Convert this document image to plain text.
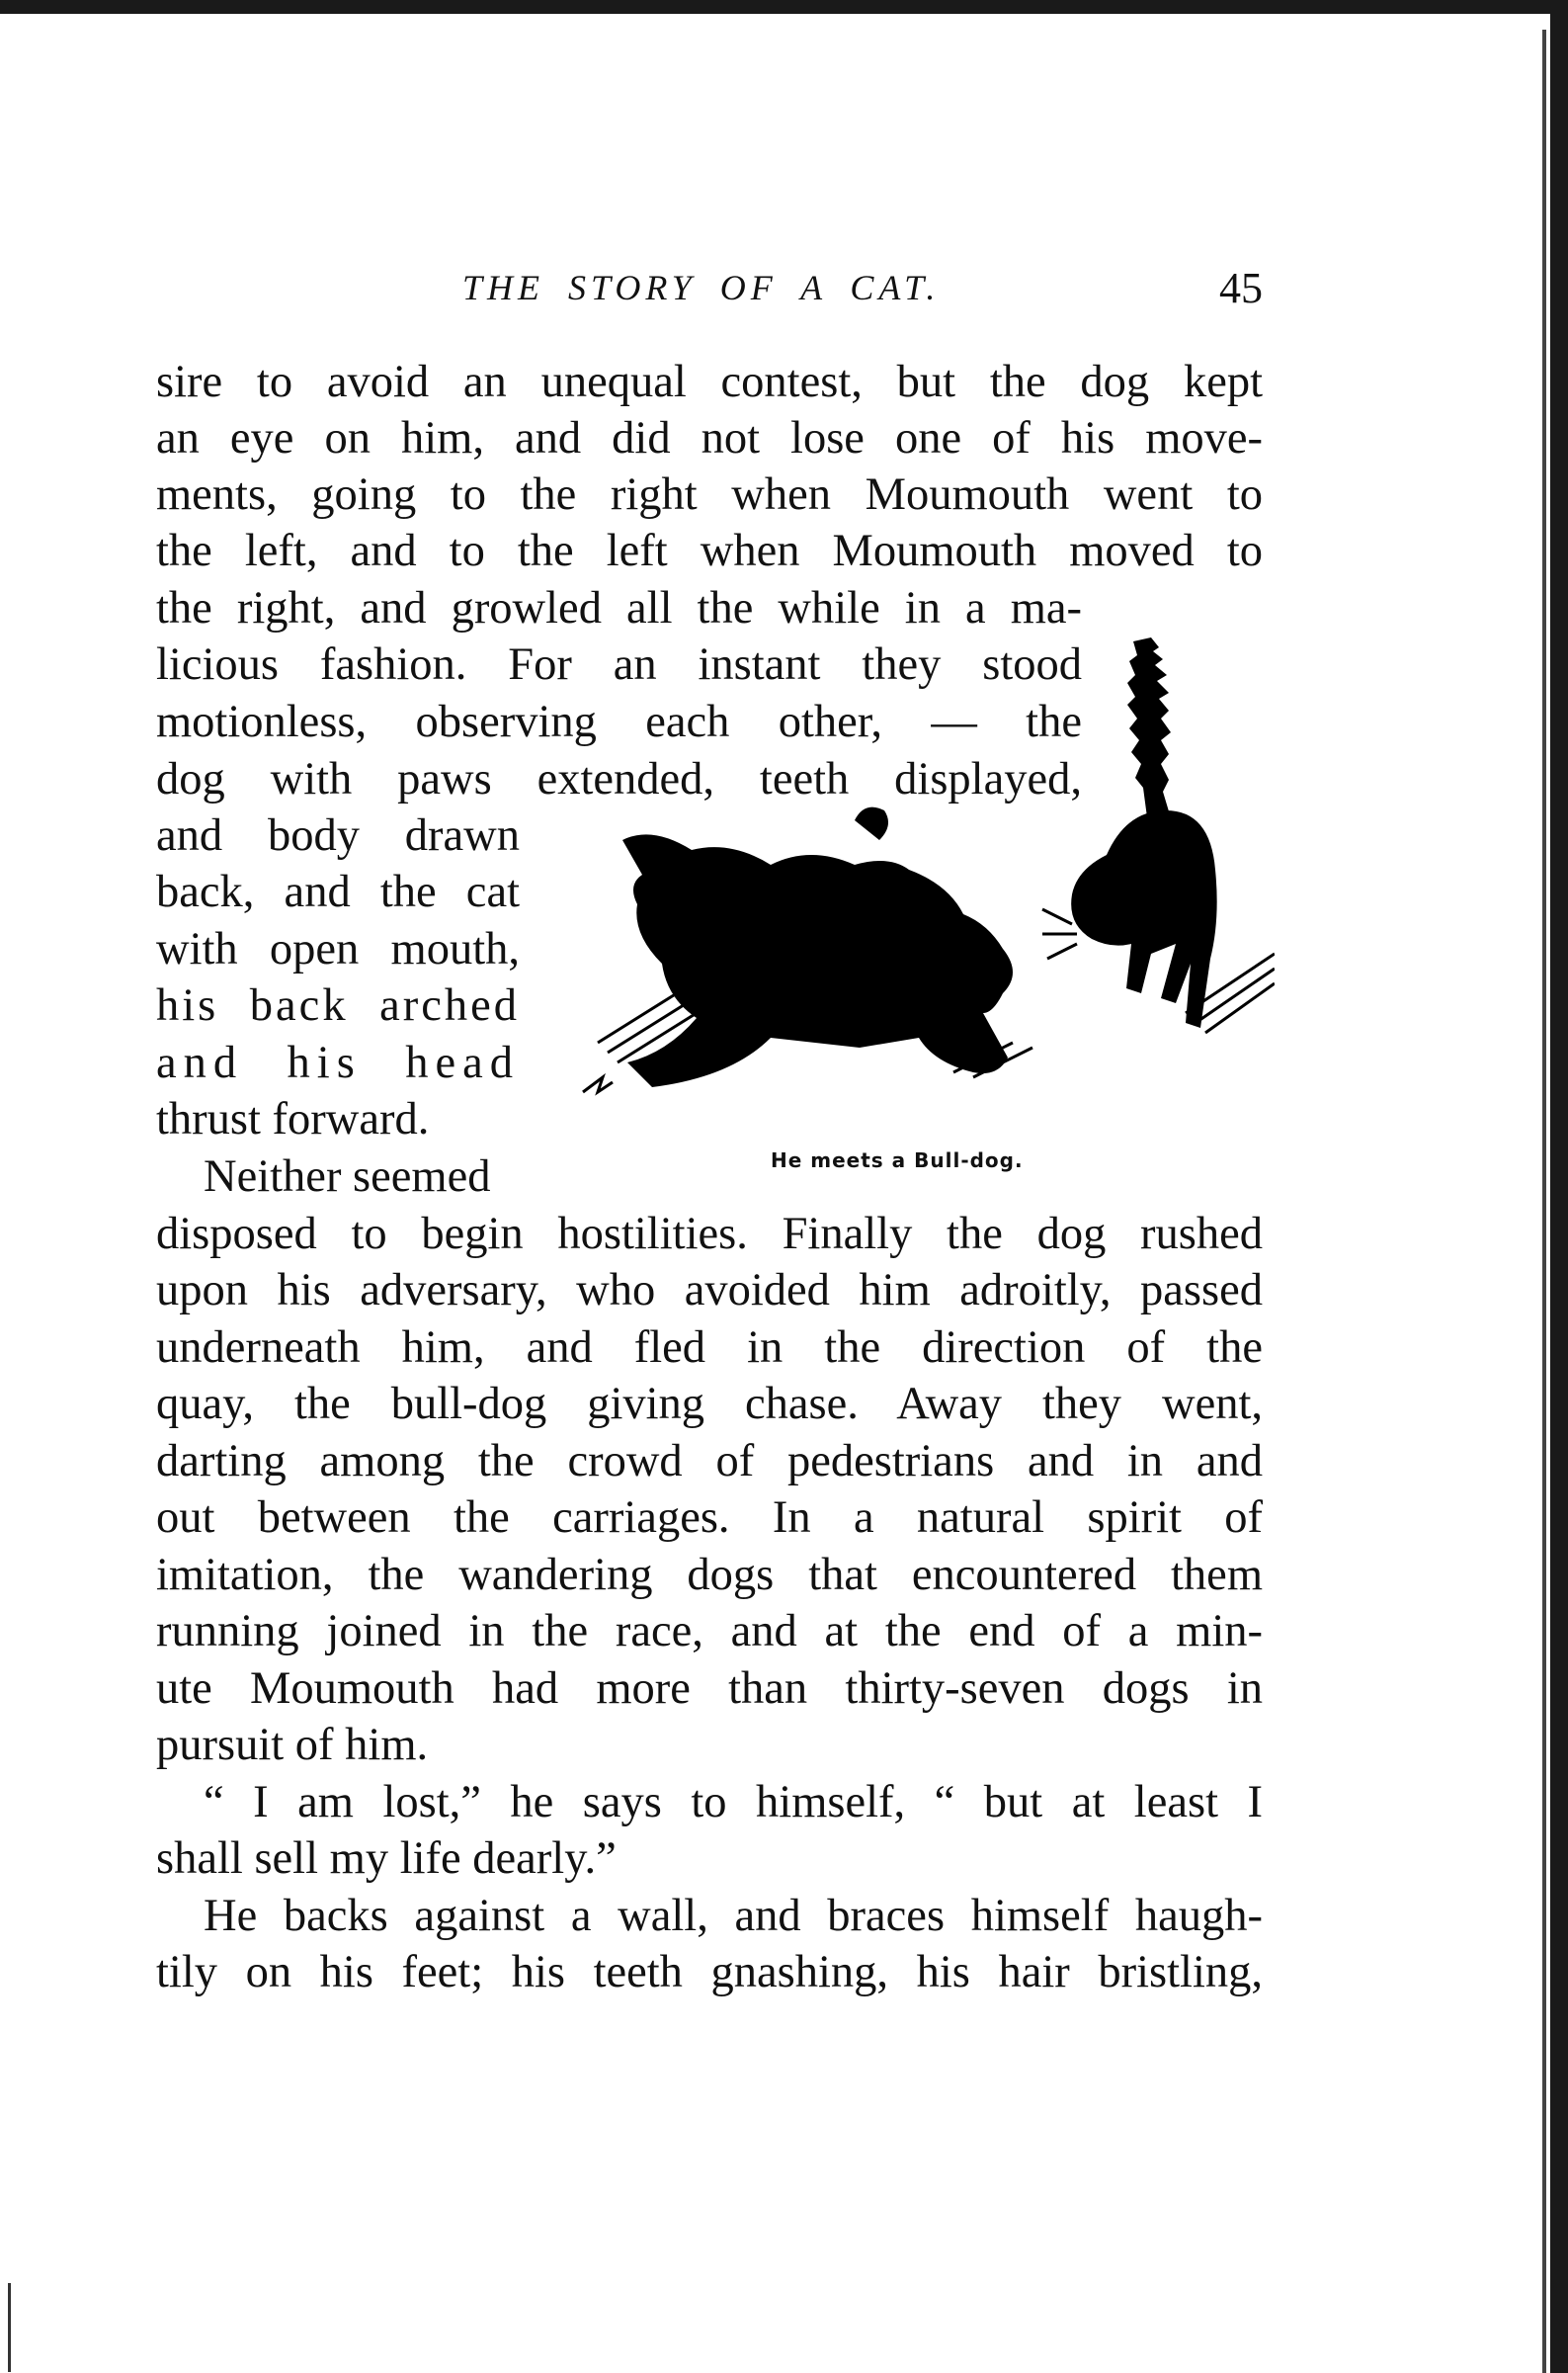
THE STORY OF A CAT.	45
sire to avoid an unequal contest, but the dog kept
an eye on him, and did not lose one of his move-
ments, going to the right when Moumouth went to
the left, and to the left when Moumouth moved to
the right, and growled all the while in a ma-
licious fashion. For an instant they stood
motionless, observing each other, — the
dog with paws extended, teeth displayed,
and body drawn
back, and the cat
with open mouth,
his back arched
and his head
thrust forward.
Neither seemed
disposed to begin hostilities. Finally the dog rushed
upon his adversary, who avoided him adroitly, passed
underneath him, and fled in the direction of the
quay, the bull-dog giving chase. Away they went,
darting among the crowd of pedestrians and in and
out between the carriages. In a natural spirit of
imitation, the wandering dogs that encountered them
running joined in the race, and at the end of a min-
ute Moumouth had more than thirty-seven dogs in
pursuit of him.
“ I am lost,” he says to himself, “ but at least I
shall sell my life dearly.”
He backs against a wall, and braces himself haugh-
tily on his feet; his teeth gnashing, his hair bristling,
He meets a Bull-dog.
